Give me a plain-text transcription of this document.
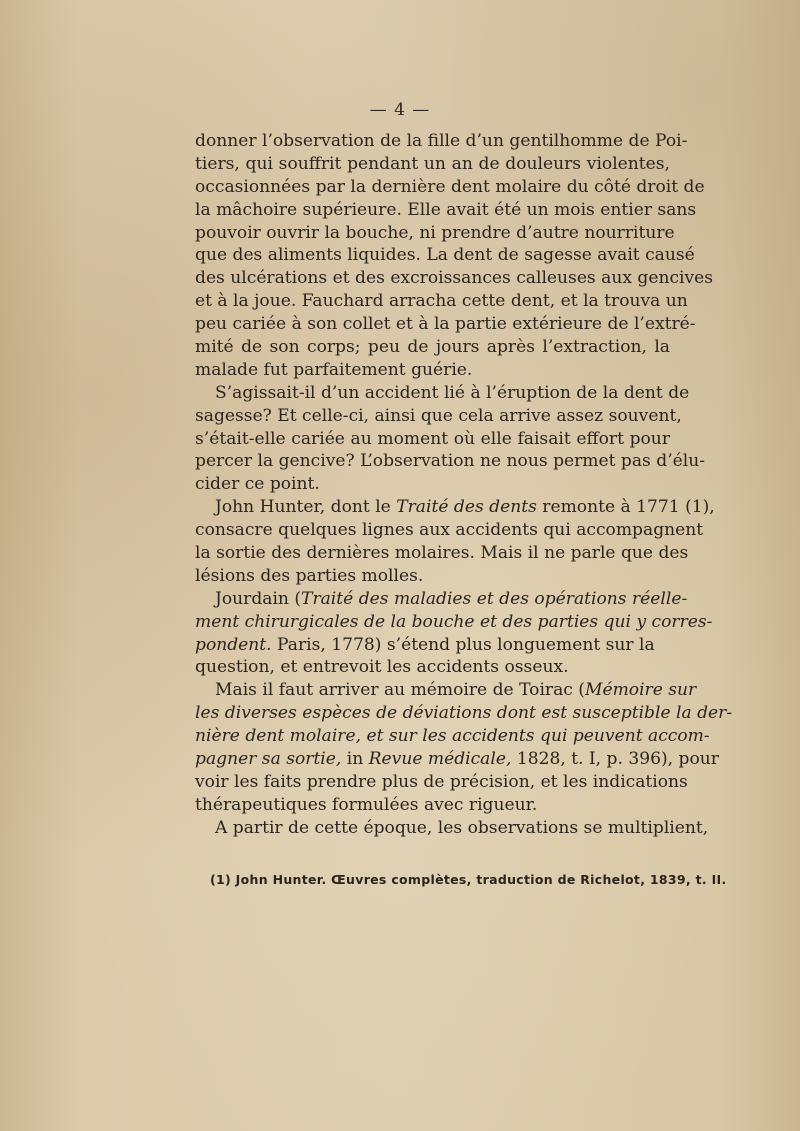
— 4 —
donner l’observation de la fille d’un gentilhomme de Poi-
tiers, qui souffrit pendant un an de douleurs violentes,
occasionnées par la dernière dent molaire du côté droit de
la mâchoire supérieure. Elle avait été un mois entier sans
pouvoir ouvrir la bouche, ni prendre d’autre nourriture
que des aliments liquides. La dent de sagesse avait causé
des ulcérations et des excroissances calleuses aux gencives
et à la joue. Fauchard arracha cette dent, et la trouva un
peu cariée à son collet et à la partie extérieure de l’extré-
mité de son corps; peu de jours après l’extraction, la
malade fut parfaitement guérie.
S’agissait-il d’un accident lié à l’éruption de la dent de
sagesse? Et celle-ci, ainsi que cela arrive assez souvent,
s’était-elle cariée au moment où elle faisait effort pour
percer la gencive? L’observation ne nous permet pas d’élu-
cider ce point.
John Hunter, dont le Traité des dents remonte à 1771 (1),
consacre quelques lignes aux accidents qui accompagnent
la sortie des dernières molaires. Mais il ne parle que des
lésions des parties molles.
Jourdain (Traité des maladies et des opérations réelle-
ment chirurgicales de la bouche et des parties qui y corres-
pondent. Paris, 1778) s’étend plus longuement sur la
question, et entrevoit les accidents osseux.
Mais il faut arriver au mémoire de Toirac (Mémoire sur
les diverses espèces de déviations dont est susceptible la der-
nière dent molaire, et sur les accidents qui peuvent accom-
pagner sa sortie, in Revue médicale, 1828, t. I, p. 396), pour
voir les faits prendre plus de précision, et les indications
thérapeutiques formulées avec rigueur.
A partir de cette époque, les observations se multiplient,
(1) John Hunter. Œuvres complètes, traduction de Richelot, 1839, t. II.
